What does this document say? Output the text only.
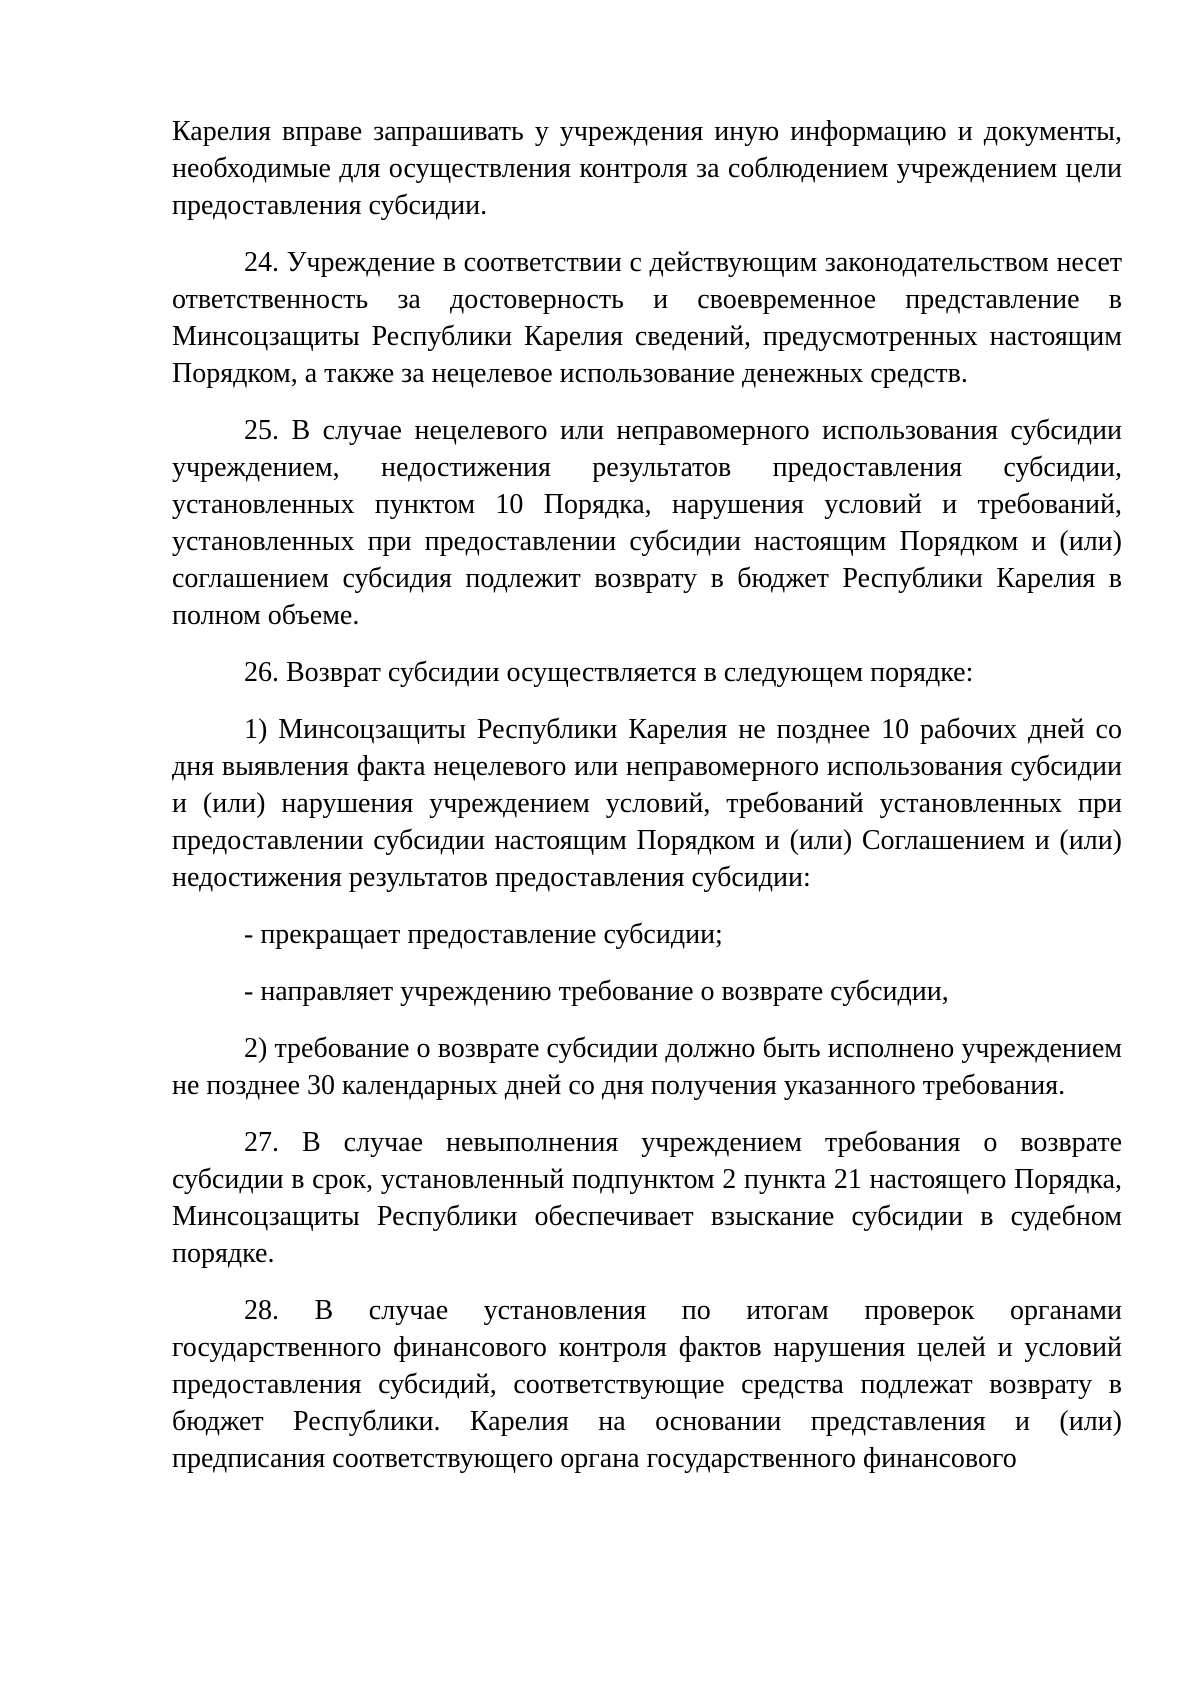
Карелия вправе запрашивать у учреждения иную информацию и документы, необходимые для осуществления контроля за соблюдением учреждением цели предоставления субсидии.

24. Учреждение в соответствии с действующим законодательством несет ответственность за достоверность и своевременное представление в Минсоцзащиты Республики Карелия сведений, предусмотренных настоящим Порядком, а также за нецелевое использование денежных средств.

25. В случае нецелевого или неправомерного использования субсидии учреждением, недостижения результатов предоставления субсидии, установленных пунктом 10 Порядка, нарушения условий и требований, установленных при предоставлении субсидии настоящим Порядком и (или) соглашением субсидия подлежит возврату в бюджет Республики Карелия в полном объеме.

26. Возврат субсидии осуществляется в следующем порядке:

1) Минсоцзащиты Республики Карелия не позднее 10 рабочих дней со дня выявления факта нецелевого или неправомерного использования субсидии и (или) нарушения учреждением условий, требований установленных при предоставлении субсидии настоящим Порядком и (или) Соглашением и (или) недостижения результатов предоставления субсидии:

- прекращает предоставление субсидии;

- направляет учреждению требование о возврате субсидии,

2) требование о возврате субсидии должно быть исполнено учреждением не позднее 30 календарных дней со дня получения указанного требования.

27. В случае невыполнения учреждением требования о возврате субсидии в срок, установленный подпунктом 2 пункта 21 настоящего Порядка, Минсоцзащиты Республики обеспечивает взыскание субсидии в судебном порядке.

28. В случае установления по итогам проверок органами государственного финансового контроля фактов нарушения целей и условий предоставления субсидий, соответствующие средства подлежат возврату в бюджет Республики. Карелия на основании представления и (или) предписания соответствующего органа государственного финансового
